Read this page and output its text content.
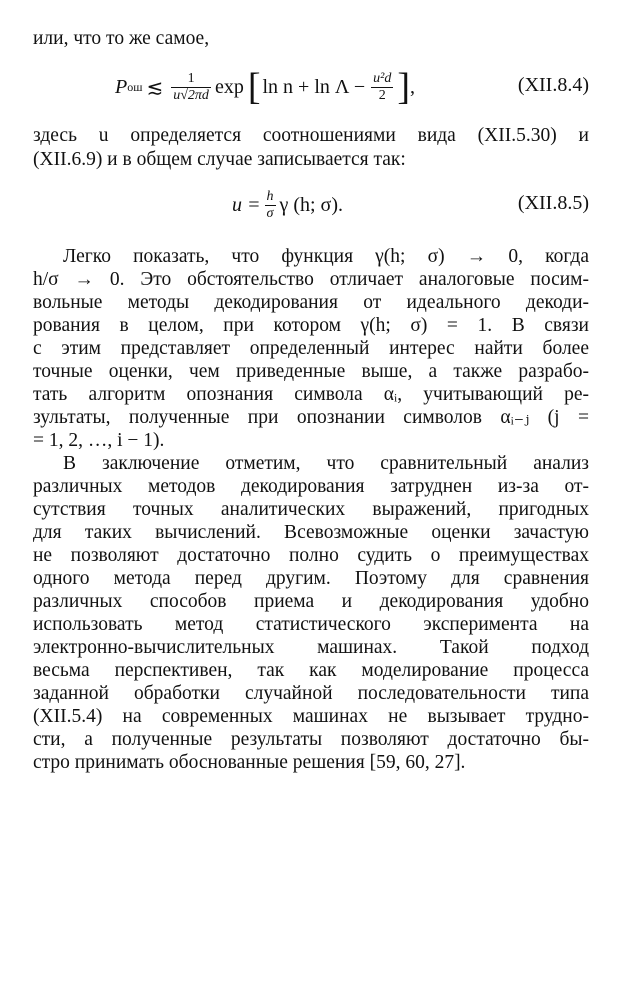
или, что то же самое,
P ош ≲ $\frac{1}{u√2\pi d}$ exp [ $\ln n + \ln \Lambda - \frac{\text{u²d}}{2}$ ] ,	(XII.8.4)
здесь u определяется соотношениями вида (XII.5.30) и
(XII.6.9) и в общем случае записывается так:
$u = \frac{h}{\sigma}$ γ (h; σ).	(XII.8.5)
Легко показать, что функция γ(h; σ) → 0, когда
h/σ → 0. Это обстоятельство отличает аналоговые посим-
вольные методы декодирования от идеального декоди-
рования в целом, при котором γ(h; σ) = 1. В связи
с этим представляет определенный интерес найти более
точные оценки, чем приведенные выше, а также разрабо-
тать алгоритм опознания символа αᵢ, учитывающий ре-
зультаты, полученные при опознании символов αᵢ₋ⱼ (j =
= 1, 2, …, i − 1).
В заключение отметим, что сравнительный анализ
различных методов декодирования затруднен из-за от-
сутствия точных аналитических выражений, пригодных
для таких вычислений. Всевозможные оценки зачастую
не позволяют достаточно полно судить о преимуществах
одного метода перед другим. Поэтому для сравнения
различных способов приема и декодирования удобно
использовать метод статистического эксперимента на
электронно-вычислительных машинах. Такой подход
весьма перспективен, так как моделирование процесса
заданной обработки случайной последовательности типа
(XII.5.4) на современных машинах не вызывает трудно-
сти, а полученные результаты позволяют достаточно бы-
стро принимать обоснованные решения [59, 60, 27].
